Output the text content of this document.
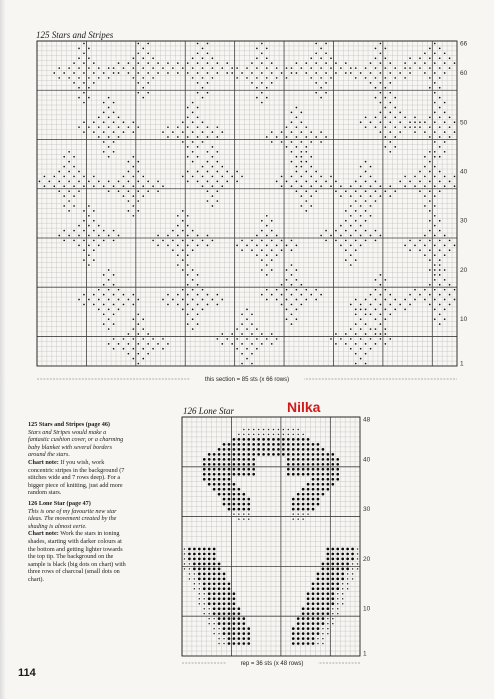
125 Stars and Stripes
66
60
50
40
30
20
10
1
this section = 85 sts (x 66 rows)
48
40
30
20
10
1
rep = 36 sts (x 48 rows)
126 Lone Star	Nilka

125 Stars and Stripes (page 46)
Stars and Stripes would make a fantastic cushion cover, or a charming baby blanket with several borders around the stars.
Chart note: If you wish, work concentric stripes in the background (7 stitches wide and 7 rows deep). For a bigger piece of knitting, just add more random stars.

126 Lone Star (page 47)
This is one of my favourite new star ideas. The movement created by the shading is almost eerie.
Chart note: Work the stars in toning shades, starting with darker colours at the bottom and getting lighter towards the top tip. The background on the sample is black (big dots on chart) with three rows of charcoal (small dots on chart).

114
